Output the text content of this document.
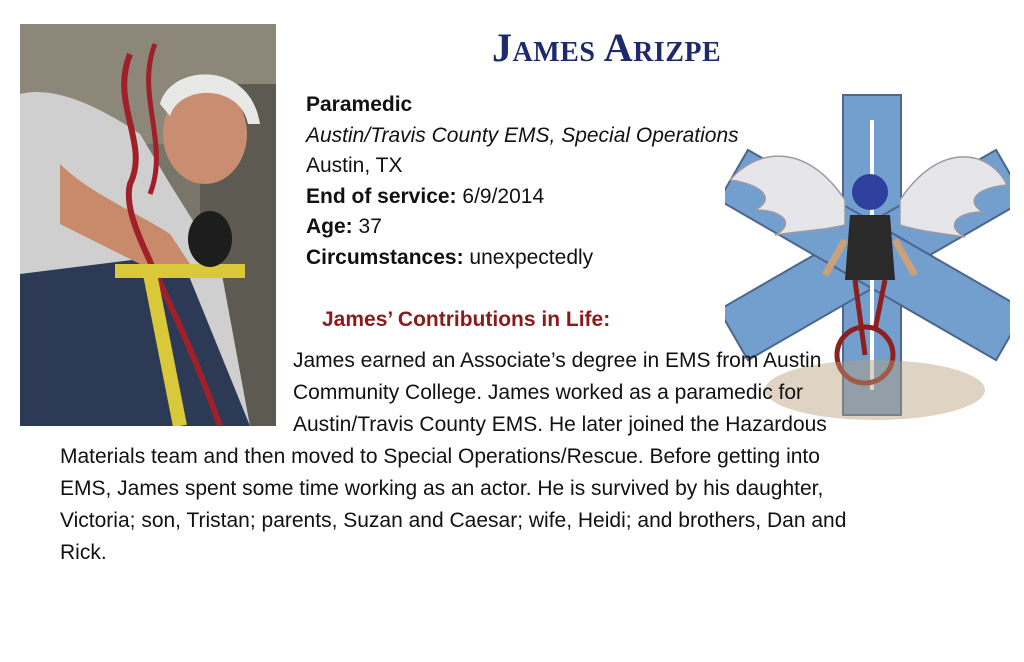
James Arizpe
Paramedic
Austin/Travis County EMS, Special Operations
Austin, TX
End of service: 6/9/2014
Age: 37
Circumstances: unexpectedly
James’ Contributions in Life:
James earned an Associate’s degree in EMS from Austin
Community College. James worked as a paramedic for
Austin/Travis County EMS. He later joined the Hazardous
Materials team and then moved to Special Operations/Rescue. Before getting into
EMS, James spent some time working as an actor. He is survived by his daughter,
Victoria; son, Tristan; parents, Suzan and Caesar; wife, Heidi; and brothers, Dan and
Rick.
